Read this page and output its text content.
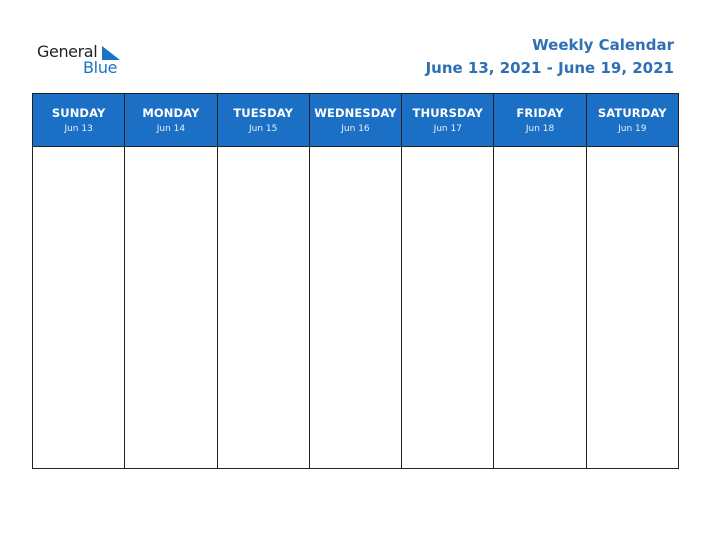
General
Blue
Weekly Calendar
June 13, 2021 - June 19, 2021
SUNDAY
Jun 13
MONDAY
Jun 14
TUESDAY
Jun 15
WEDNESDAY
Jun 16
THURSDAY
Jun 17
FRIDAY
Jun 18
SATURDAY
Jun 19
